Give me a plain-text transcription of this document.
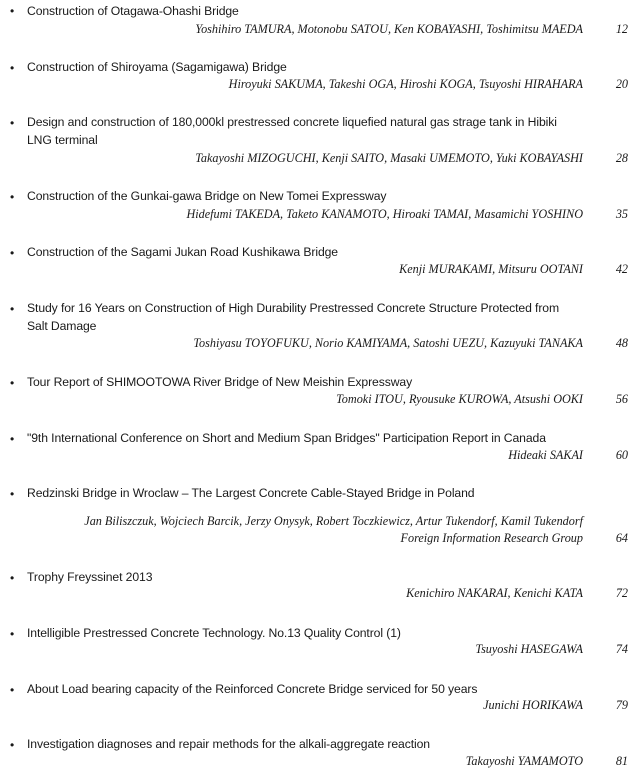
• Construction of Otagawa-Ohashi Bridge
Yoshihiro TAMURA, Motonobu SATOU, Ken KOBAYASHI, Toshimitsu MAEDA	12
• Construction of Shiroyama (Sagamigawa) Bridge
Hiroyuki SAKUMA, Takeshi OGA, Hiroshi KOGA, Tsuyoshi HIRAHARA	20
• Design and construction of 180,000kl prestressed concrete liquefied natural gas strage tank in Hibiki LNG terminal
Takayoshi MIZOGUCHI, Kenji SAITO, Masaki UMEMOTO, Yuki KOBAYASHI	28
• Construction of the Gunkai-gawa Bridge on New Tomei Expressway
Hidefumi TAKEDA, Taketo KANAMOTO, Hiroaki TAMAI, Masamichi YOSHINO	35
• Construction of the Sagami Jukan Road Kushikawa Bridge
Kenji MURAKAMI, Mitsuru OOTANI	42
• Study for 16 Years on Construction of High Durability Prestressed Concrete Structure Protected from Salt Damage
Toshiyasu TOYOFUKU, Norio KAMIYAMA, Satoshi UEZU, Kazuyuki TANAKA	48
• Tour Report of SHIMOOTOWA River Bridge of New Meishin Expressway
Tomoki ITOU, Ryousuke KUROWA, Atsushi OOKI	56
• "9th International Conference on Short and Medium Span Bridges" Participation Report in Canada
Hideaki SAKAI	60
• Redzinski Bridge in Wroclaw – The Largest Concrete Cable-Stayed Bridge in Poland
Jan Biliszczuk, Wojciech Barcik, Jerzy Onysyk, Robert Toczkiewicz, Artur Tukendorf, Kamil Tukendorf
Foreign Information Research Group	64
• Trophy Freyssinet 2013
Kenichiro NAKARAI, Kenichi KATA	72
• Intelligible Prestressed Concrete Technology. No.13 Quality Control (1)
Tsuyoshi HASEGAWA	74
• About Load bearing capacity of the Reinforced Concrete Bridge serviced for 50 years
Junichi HORIKAWA	79
• Investigation diagnoses and repair methods for the alkali-aggregate reaction
Takayoshi YAMAMOTO	81
